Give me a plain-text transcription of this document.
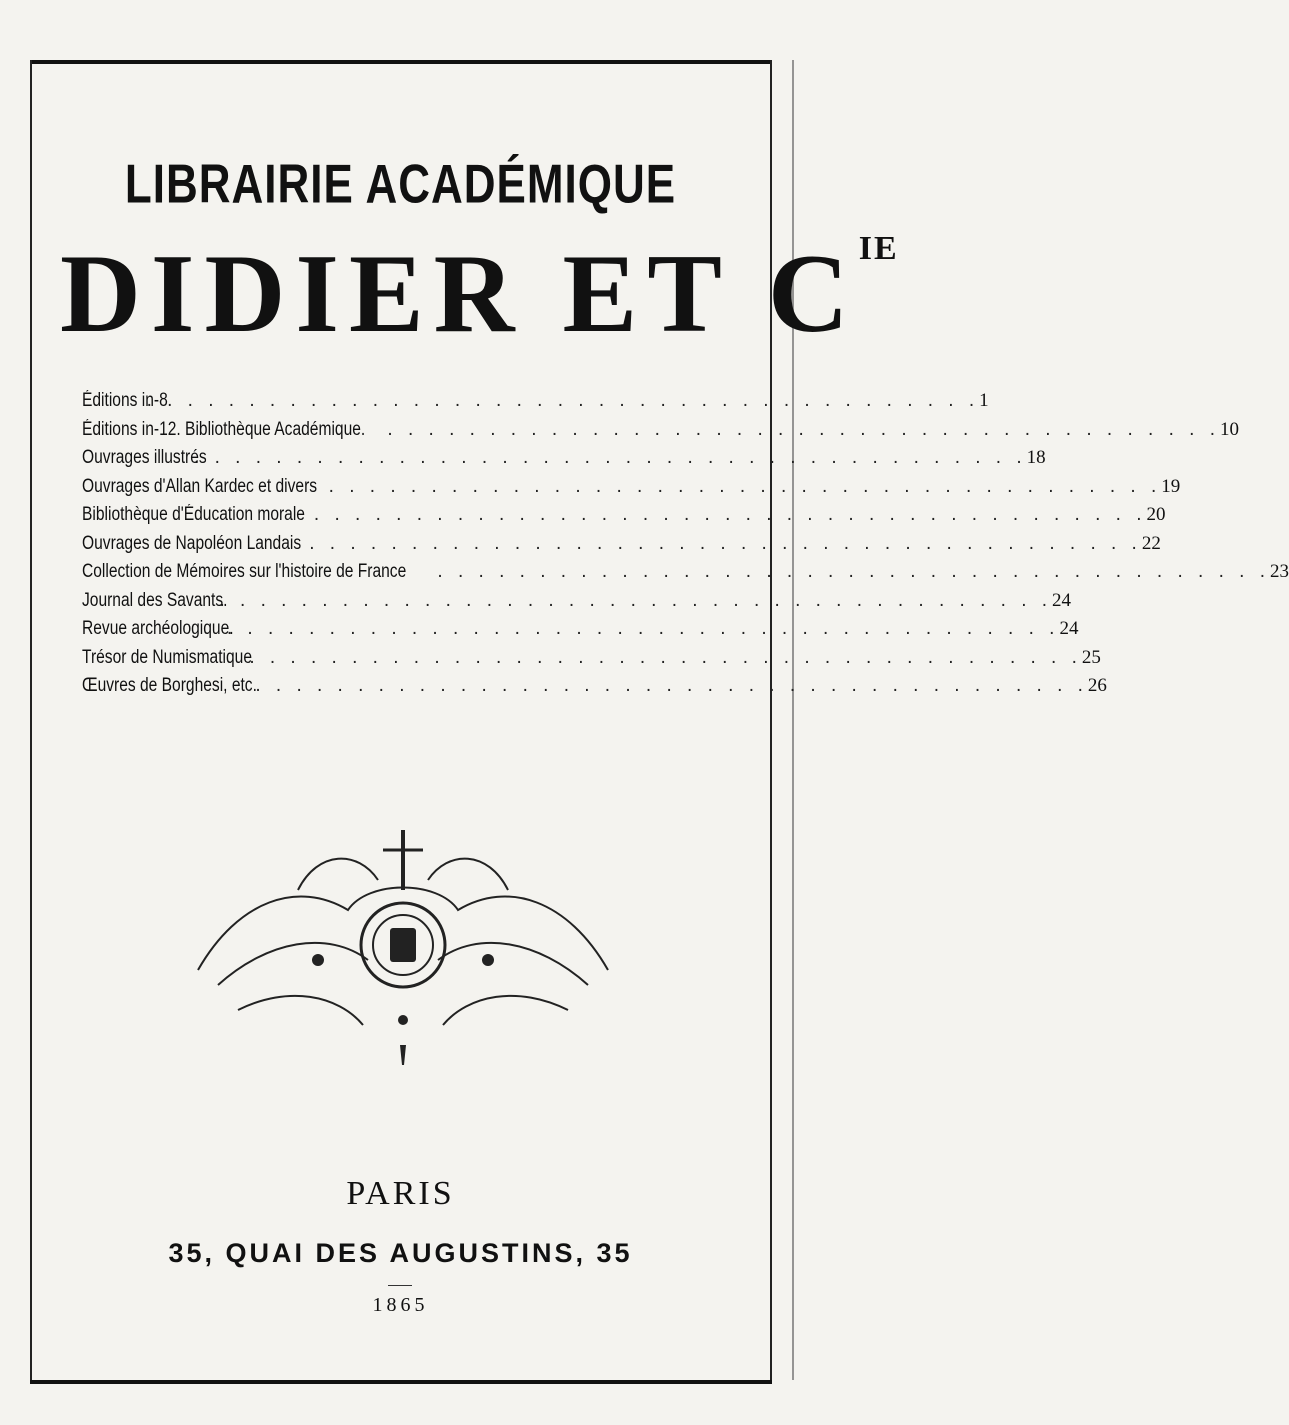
LIBRAIRIE ACADÉMIQUE
DIDIER ET $C^{IE}$
Éditions in-8
. . . . . . . . . . . . . . . . . . . . . . . . . . . . . . . . . . . . . . . . . 1
Éditions in-12. Bibliothèque Académique. . . . . . . . . . . . . . . . . . . . . . . . . . . . . . . . . . . . . . . . . . 10
Ouvrages illustrés
. . . . . . . . . . . . . . . . . . . . . . . . . . . . . . . . . . . . . . . . . 18
Ouvrages d'Allan Kardec et divers . . . . . . . . . . . . . . . . . . . . . . . . . . . . . . . . . . . . . . . . . 19
Bibliothèque d'Éducation morale . . . . . . . . . . . . . . . . . . . . . . . . . . . . . . . . . . . . . . . . . 20
Ouvrages de Napoléon Landais . . . . . . . . . . . . . . . . . . . . . . . . . . . . . . . . . . . . . . . . . 22
Collection de Mémoires sur l'histoire de France . . . . . . . . . . . . . . . . . . . . . . . . . . . . . . . . . . . . . . . . . 23
Journal des Savants.
. . . . . . . . . . . . . . . . . . . . . . . . . . . . . . . . . . . . . . . . . 24
Revue archéologique.
. . . . . . . . . . . . . . . . . . . . . . . . . . . . . . . . . . . . . . . . . 24
Trésor de Numismatique
. . . . . . . . . . . . . . . . . . . . . . . . . . . . . . . . . . . . . . . . . 25
Œuvres de Borghesi, etc.
. . . . . . . . . . . . . . . . . . . . . . . . . . . . . . . . . . . . . . . . . 26
PARIS
35, QUAI DES AUGUSTINS, 35
1865
